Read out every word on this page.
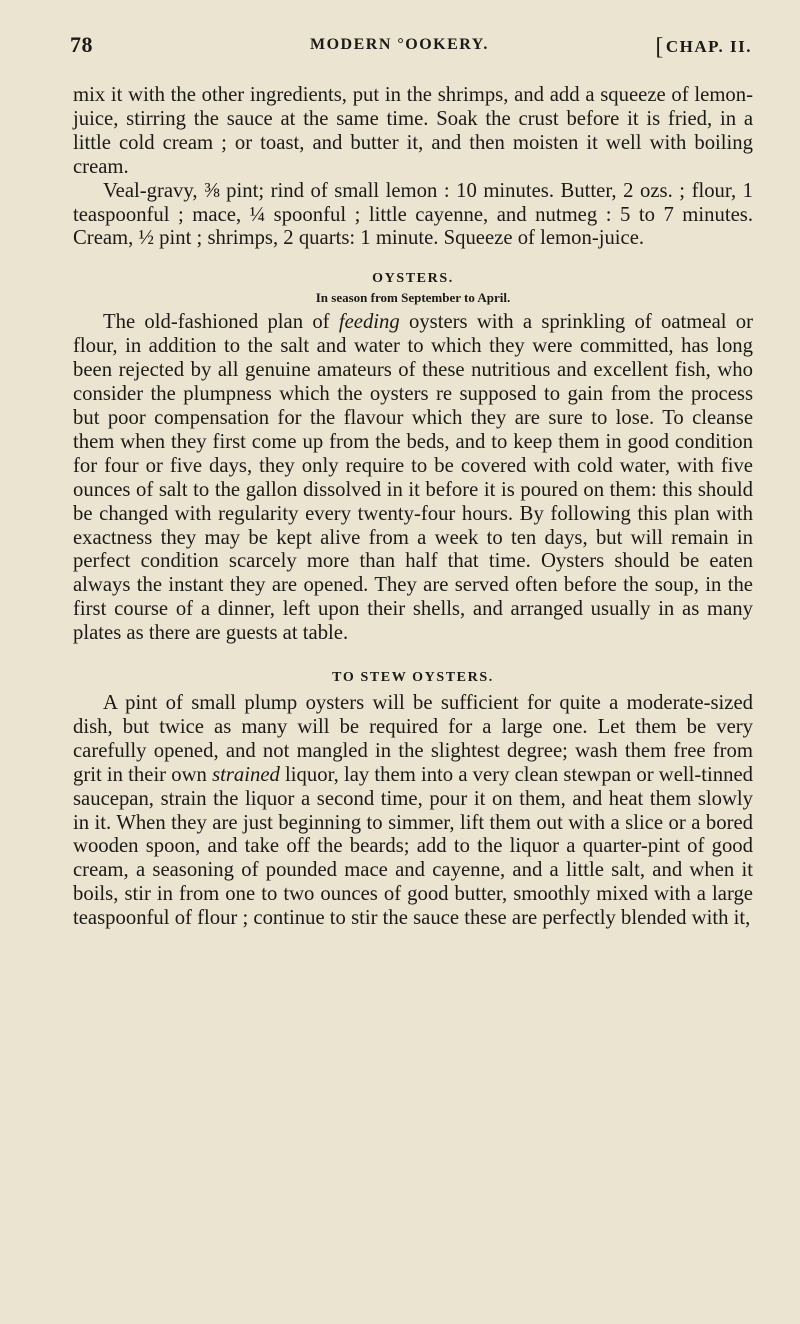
78	MODERN °OOKERY.	[CHAP. II.

mix it with the other ingredients, put in the shrimps, and add a squeeze of lemon-juice, stirring the sauce at the same time. Soak the crust before it is fried, in a little cold cream ; or toast, and butter it, and then moisten it well with boiling cream.

Veal-gravy, ⅜ pint; rind of small lemon : 10 minutes. Butter, 2 ozs. ; flour, 1 teaspoonful ; mace, ¼ spoonful ; little cayenne, and nutmeg : 5 to 7 minutes. Cream, ½ pint ; shrimps, 2 quarts: 1 minute. Squeeze of lemon-juice.

OYSTERS.

In season from September to April.

The old-fashioned plan of feeding oysters with a sprinkling of oatmeal or flour, in addition to the salt and water to which they were committed, has long been rejected by all genuine amateurs of these nutritious and excellent fish, who consider the plumpness which the oysters re supposed to gain from the process but poor compensation for the flavour which they are sure to lose. To cleanse them when they first come up from the beds, and to keep them in good condition for four or five days, they only require to be covered with cold water, with five ounces of salt to the gallon dissolved in it before it is poured on them: this should be changed with regularity every twenty-four hours. By following this plan with exactness they may be kept alive from a week to ten days, but will remain in perfect condition scarcely more than half that time. Oysters should be eaten always the instant they are opened. They are served often before the soup, in the first course of a dinner, left upon their shells, and arranged usually in as many plates as there are guests at table.

TO STEW OYSTERS.

A pint of small plump oysters will be sufficient for quite a moderate-sized dish, but twice as many will be required for a large one. Let them be very carefully opened, and not mangled in the slightest degree; wash them free from grit in their own strained liquor, lay them into a very clean stewpan or well-tinned saucepan, strain the liquor a second time, pour it on them, and heat them slowly in it. When they are just beginning to simmer, lift them out with a slice or a bored wooden spoon, and take off the beards; add to the liquor a quarter-pint of good cream, a seasoning of pounded mace and cayenne, and a little salt, and when it boils, stir in from one to two ounces of good butter, smoothly mixed with a large teaspoonful of flour ; continue to stir the sauce these are perfectly blended with it,
